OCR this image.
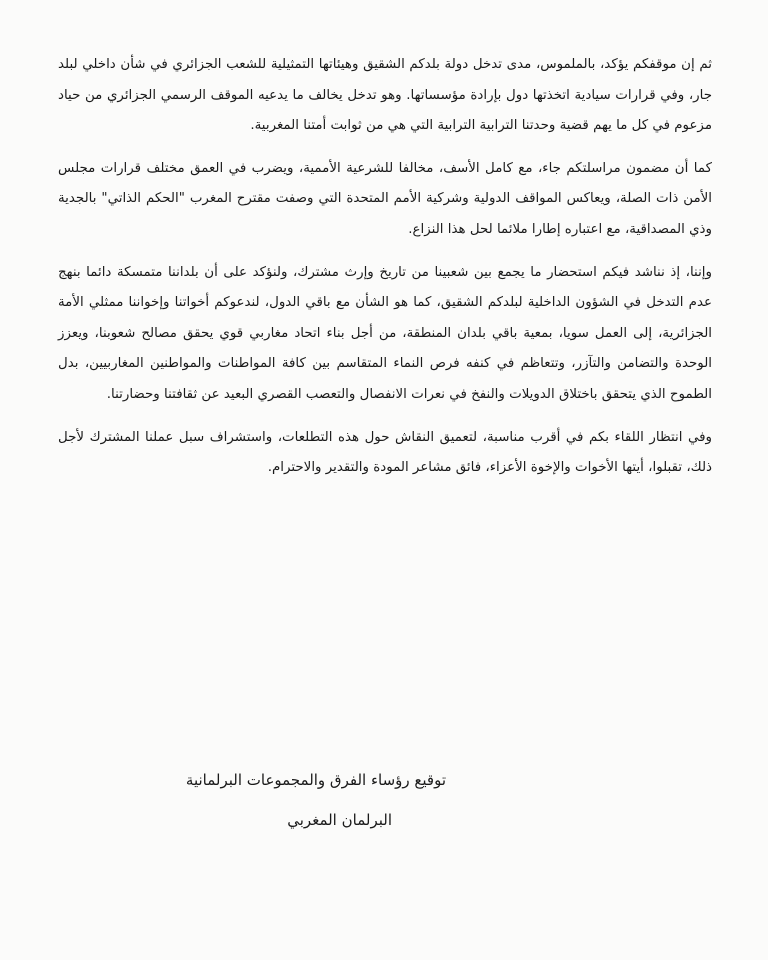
ثم إن موقفكم يؤكد، بالملموس، مدى تدخل دولة بلدكم الشقيق وهيئاتها التمثيلية للشعب الجزائري في شأن داخلي لبلد جار، وفي قرارات سيادية اتخذتها دول بإرادة مؤسساتها. وهو تدخل يخالف ما يدعيه الموقف الرسمي الجزائري من حياد مزعوم في كل ما يهم قضية وحدتنا الترابية الترابية التي هي من ثوابت أمتنا المغربية.

كما أن مضمون مراسلتكم جاء، مع كامل الأسف، مخالفا للشرعية الأممية، ويضرب في العمق مختلف قرارات مجلس الأمن ذات الصلة، ويعاكس المواقف الدولية وشركية الأمم المتحدة التي وصفت مقترح المغرب "الحكم الذاتي" بالجدية وذي المصداقية، مع اعتباره إطارا ملائما لحل هذا النزاع.

وإننا، إذ نناشد فيكم استحضار ما يجمع بين شعبينا من تاريخ وإرث مشترك، ولنؤكد على أن بلداننا متمسكة دائما بنهج عدم التدخل في الشؤون الداخلية لبلدكم الشقيق، كما هو الشأن مع باقي الدول، لندعوكم أخواتنا وإخواننا ممثلي الأمة الجزائرية، إلى العمل سويا، بمعية باقي بلدان المنطقة، من أجل بناء اتحاد مغاربي قوي يحقق مصالح شعوبنا، ويعزز الوحدة والتضامن والتآزر، وتتعاظم في كنفه فرص النماء المتقاسم بين كافة المواطنات والمواطنين المغاربيين، بدل الطموح الذي يتحقق باختلاق الدويلات والنفخ في نعرات الانفصال والتعصب القصري البعيد عن ثقافتنا وحضارتنا.

وفي انتظار اللقاء بكم في أقرب مناسبة، لتعميق النقاش حول هذه التطلعات، واستشراف سبل عملنا المشترك لأجل ذلك، تقبلوا، أيتها الأخوات والإخوة الأعزاء، فائق مشاعر المودة والتقدير والاحترام.

توقيع رؤساء الفرق والمجموعات البرلمانية
البرلمان المغربي
